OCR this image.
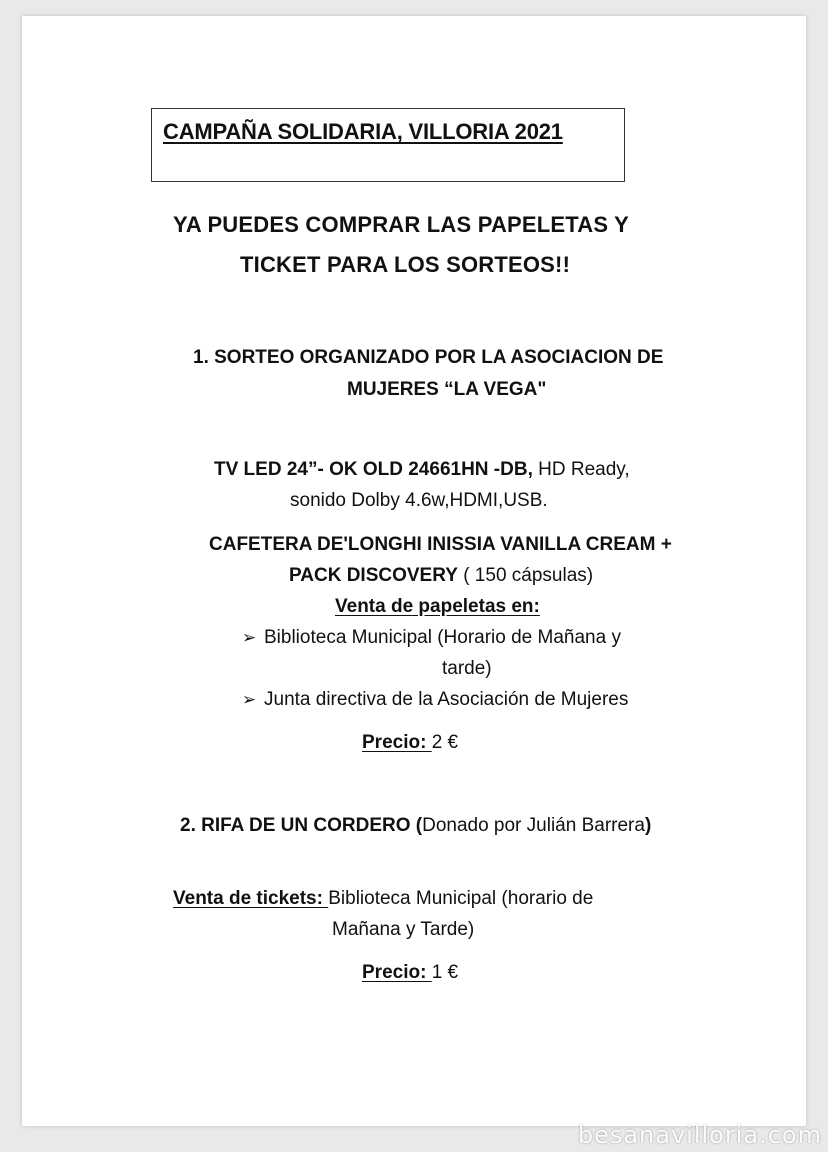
CAMPAÑA SOLIDARIA, VILLORIA 2021
YA PUEDES COMPRAR LAS PAPELETAS Y
TICKET PARA LOS SORTEOS!!
1. SORTEO ORGANIZADO POR LA ASOCIACION DE
MUJERES “LA VEGA"
TV LED 24”- OK OLD 24661HN -DB, HD Ready,
sonido Dolby 4.6w,HDMI,USB.
CAFETERA DE'LONGHI INISSIA VANILLA CREAM +
PACK DISCOVERY ( 150 cápsulas)
Venta de papeletas en:
➢ Biblioteca Municipal (Horario de Mañana y
tarde)
➢ Junta directiva de la Asociación de Mujeres
Precio: 2 €
2. RIFA DE UN CORDERO (Donado por Julián Barrera)
Venta de tickets: Biblioteca Municipal (horario de
Mañana y Tarde)
Precio: 1 €
besanavilloria.com
